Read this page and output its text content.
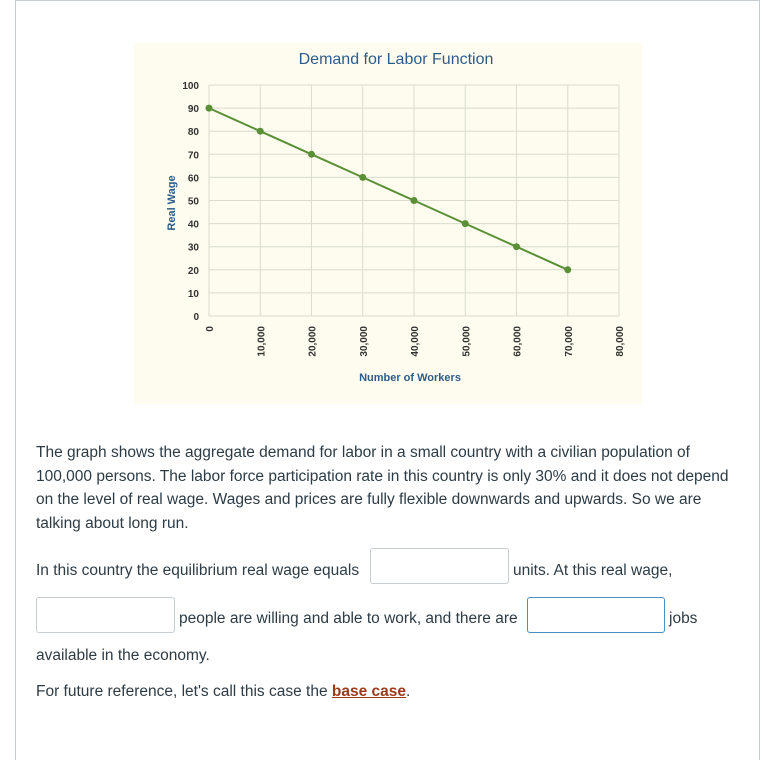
0
10
20
30
40
50
60
70
80
90
100
0	10,000	20,000	30,000	40,000	50,000	60,000	70,000	80,000
Demand for Labor Function
Number of Workers
Real Wage
The graph shows the aggregate demand for labor in a small country with a civilian population of 100,000 persons. The labor force participation rate in this country is only 30% and it does not depend on the level of real wage. Wages and prices are fully flexible downwards and upwards. So we are talking about long run.
In this country the equilibrium real wage equals	units. At this real wage,
people are willing and able to work, and there are	jobs
available in the economy.
For future reference, let's call this case the base case.
